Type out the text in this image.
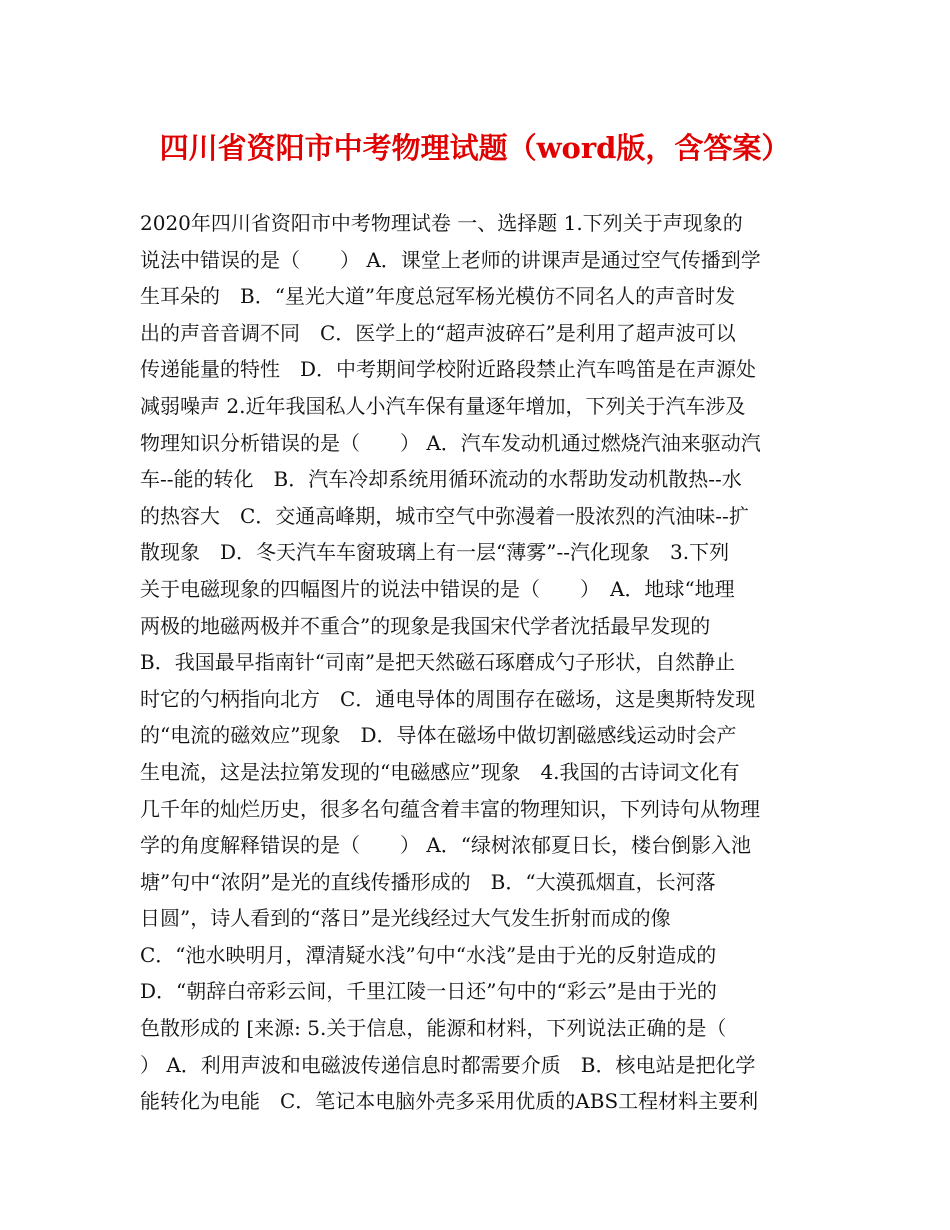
四川省资阳市中考物理试题（word版，含答案）
2020年四川省资阳市中考物理试卷 一、选择题 1.下列关于声现象的
说法中错误的是（　　） A．课堂上老师的讲课声是通过空气传播到学
生耳朵的　B．“星光大道”年度总冠军杨光模仿不同名人的声音时发
出的声音音调不同　C．医学上的“超声波碎石”是利用了超声波可以
传递能量的特性　D．中考期间学校附近路段禁止汽车鸣笛是在声源处
减弱噪声 2.近年我国私人小汽车保有量逐年增加，下列关于汽车涉及
物理知识分析错误的是（　　） A．汽车发动机通过燃烧汽油来驱动汽
车--能的转化　B．汽车冷却系统用循环流动的水帮助发动机散热--水
的热容大　C．交通高峰期，城市空气中弥漫着一股浓烈的汽油味--扩
散现象　D．冬天汽车车窗玻璃上有一层“薄雾”--汽化现象　3.下列
关于电磁现象的四幅图片的说法中错误的是（　　）　A．地球“地理
两极的地磁两极并不重合”的现象是我国宋代学者沈括最早发现的
B．我国最早指南针“司南”是把天然磁石琢磨成勺子形状，自然静止
时它的勺柄指向北方　C．通电导体的周围存在磁场，这是奥斯特发现
的“电流的磁效应”现象　D．导体在磁场中做切割磁感线运动时会产
生电流，这是法拉第发现的“电磁感应”现象　4.我国的古诗词文化有
几千年的灿烂历史，很多名句蕴含着丰富的物理知识，下列诗句从物理
学的角度解释错误的是（　　） A．“绿树浓郁夏日长，楼台倒影入池
塘”句中“浓阴”是光的直线传播形成的　B．“大漠孤烟直，长河落
日圆”，诗人看到的“落日”是光线经过大气发生折射而成的像
C．“池水映明月，潭清疑水浅”句中“水浅”是由于光的反射造成的
D．“朝辞白帝彩云间，千里江陵一日还”句中的“彩云”是由于光的
色散形成的 [来源: 5.关于信息，能源和材料，下列说法正确的是（
） A．利用声波和电磁波传递信息时都需要介质　B．核电站是把化学
能转化为电能　C．笔记本电脑外壳多采用优质的ABS工程材料主要利
